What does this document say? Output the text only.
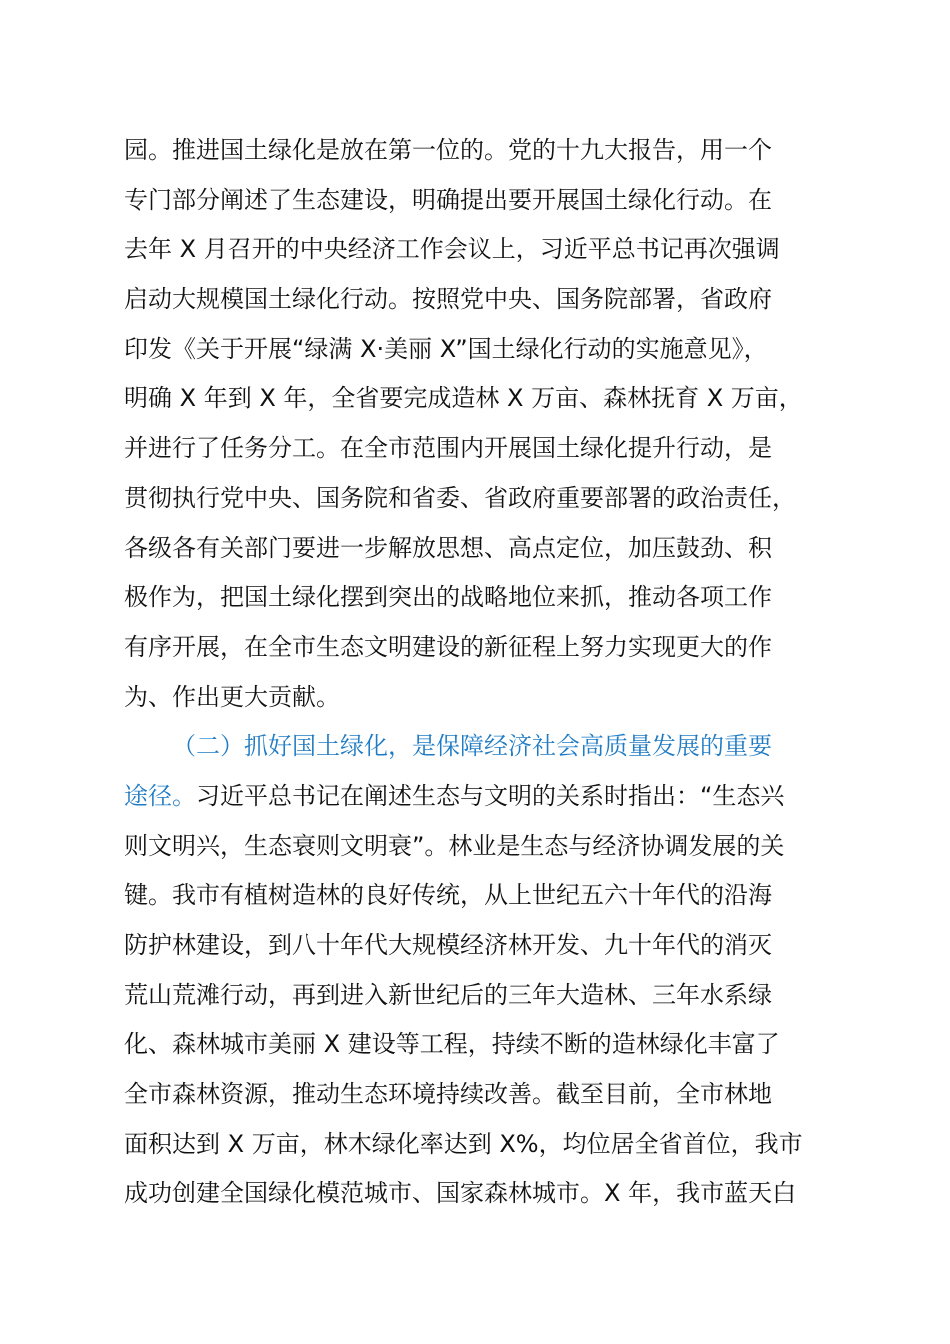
园。推进国土绿化是放在第一位的。党的十九大报告，用一个
专门部分阐述了生态建设，明确提出要开展国土绿化行动。在
去年 X 月召开的中央经济工作会议上，习近平总书记再次强调
启动大规模国土绿化行动。按照党中央、国务院部署，省政府
印发《关于开展“绿满 X·美丽 X”国土绿化行动的实施意见》，
明确 X 年到 X 年，全省要完成造林 X 万亩、森林抚育 X 万亩，
并进行了任务分工。在全市范围内开展国土绿化提升行动，是
贯彻执行党中央、国务院和省委、省政府重要部署的政治责任，
各级各有关部门要进一步解放思想、高点定位，加压鼓劲、积
极作为，把国土绿化摆到突出的战略地位来抓，推动各项工作
有序开展，在全市生态文明建设的新征程上努力实现更大的作
为、作出更大贡献。
（二）抓好国土绿化，是保障经济社会高质量发展的重要
途径。习近平总书记在阐述生态与文明的关系时指出：“生态兴
则文明兴，生态衰则文明衰”。林业是生态与经济协调发展的关
键。我市有植树造林的良好传统，从上世纪五六十年代的沿海
防护林建设，到八十年代大规模经济林开发、九十年代的消灭
荒山荒滩行动，再到进入新世纪后的三年大造林、三年水系绿
化、森林城市美丽 X 建设等工程，持续不断的造林绿化丰富了
全市森林资源，推动生态环境持续改善。截至目前，全市林地
面积达到 X 万亩，林木绿化率达到 X%，均位居全省首位，我市
成功创建全国绿化模范城市、国家森林城市。X 年，我市蓝天白
